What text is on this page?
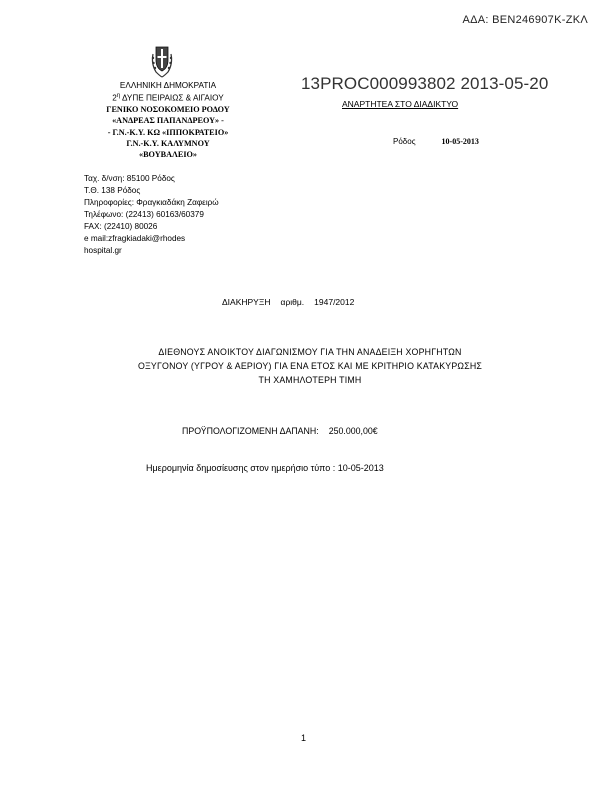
ΑΔΑ: ΒΕΝ246907Κ-ΖΚΛ
ΕΛΛΗΝΙΚΗ ΔΗΜΟΚΡΑΤΙΑ
$2^\eta$ ΔΥΠΕ ΠΕΙΡΑΙΩΣ & ΑΙΓΑΙΟΥ
ΓΕΝΙΚΟ ΝΟΣΟΚΟΜΕΙΟ ΡΟΔΟΥ
«ΑΝΔΡΕΑΣ ΠΑΠΑΝΔΡΕΟΥ» -
- Γ.Ν.-Κ.Υ. ΚΩ «ΙΠΠΟΚΡΑΤΕΙΟ»
Γ.Ν.-Κ.Υ. ΚΑΛΥΜΝΟΥ
«ΒΟΥΒΑΛΕΙΟ»
13PROC000993802 2013-05-20
ΑΝΑΡΤΗΤΕΑ ΣΤΟ ΔΙΑΔΙΚΤΥΟ
Ρόδος	10-05-2013
Ταχ. δ/νση: 85100 Ρόδος
Τ.Θ. 138 Ρόδος
Πληροφορίες: Φραγκιαδάκη Ζαφειρώ
Τηλέφωνο: (22413) 60163/60379
FAX: (22410) 80026
e mail:zfragkiadaki@rhodes
hospital.gr
ΔΙΑΚΗΡΥΞΗ αριθμ. 1947/2012
ΔΙΕΘΝΟΥΣ ΑΝΟΙΚΤΟΥ ΔΙΑΓΩΝΙΣΜΟΥ ΓΙΑ ΤΗΝ ΑΝΑΔΕΙΞΗ ΧΟΡΗΓΗΤΩΝ
ΟΞΥΓΟΝΟΥ (ΥΓΡΟΥ & ΑΕΡΙΟΥ) ΓΙΑ ΕΝΑ ΕΤΟΣ ΚΑΙ ΜΕ ΚΡΙΤΗΡΙΟ ΚΑΤΑΚΥΡΩΣΗΣ
ΤΗ ΧΑΜΗΛΟΤΕΡΗ ΤΙΜΗ
ΠΡΟΫΠΟΛΟΓΙΖΟΜΕΝΗ ΔΑΠΑΝΗ: 250.000,00€
Ημερομηνία δημοσίευσης στον ημερήσιο τύπο : 10-05-2013
1
